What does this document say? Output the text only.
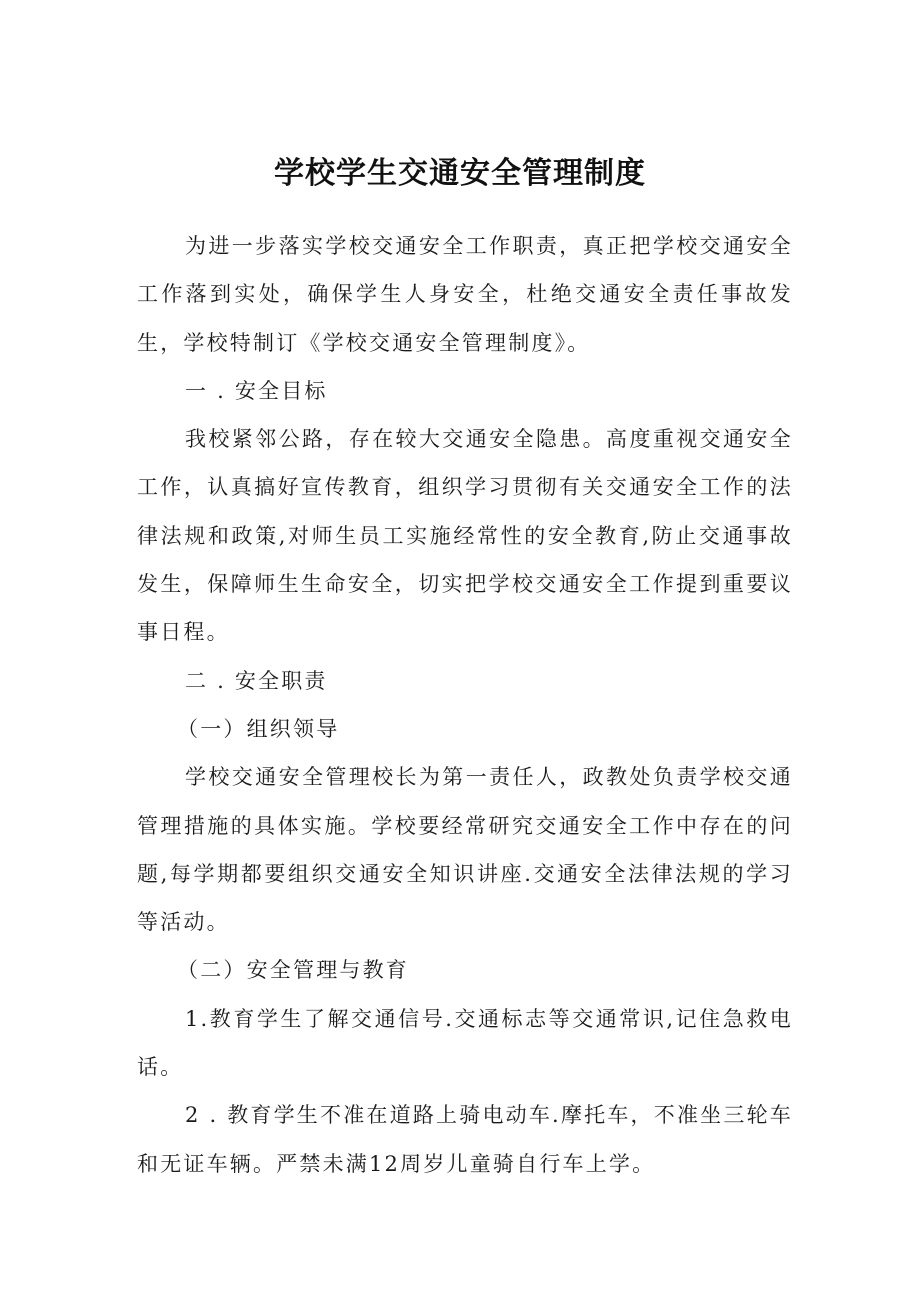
学校学生交通安全管理制度

为进一步落实学校交通安全工作职责，真正把学校交通安全工作落到实处，确保学生人身安全，杜绝交通安全责任事故发生，学校特制订《学校交通安全管理制度》。

一 . 安全目标

我校紧邻公路，存在较大交通安全隐患。高度重视交通安全工作，认真搞好宣传教育，组织学习贯彻有关交通安全工作的法律法规和政策,对师生员工实施经常性的安全教育,防止交通事故发生，保障师生生命安全，切实把学校交通安全工作提到重要议事日程。

二 . 安全职责

（一）组织领导

学校交通安全管理校长为第一责任人，政教处负责学校交通管理措施的具体实施。学校要经常研究交通安全工作中存在的问题,每学期都要组织交通安全知识讲座.交通安全法律法规的学习等活动。

（二）安全管理与教育

1.教育学生了解交通信号.交通标志等交通常识,记住急救电话。

2 . 教育学生不准在道路上骑电动车.摩托车，不准坐三轮车和无证车辆。严禁未满12周岁儿童骑自行车上学。
